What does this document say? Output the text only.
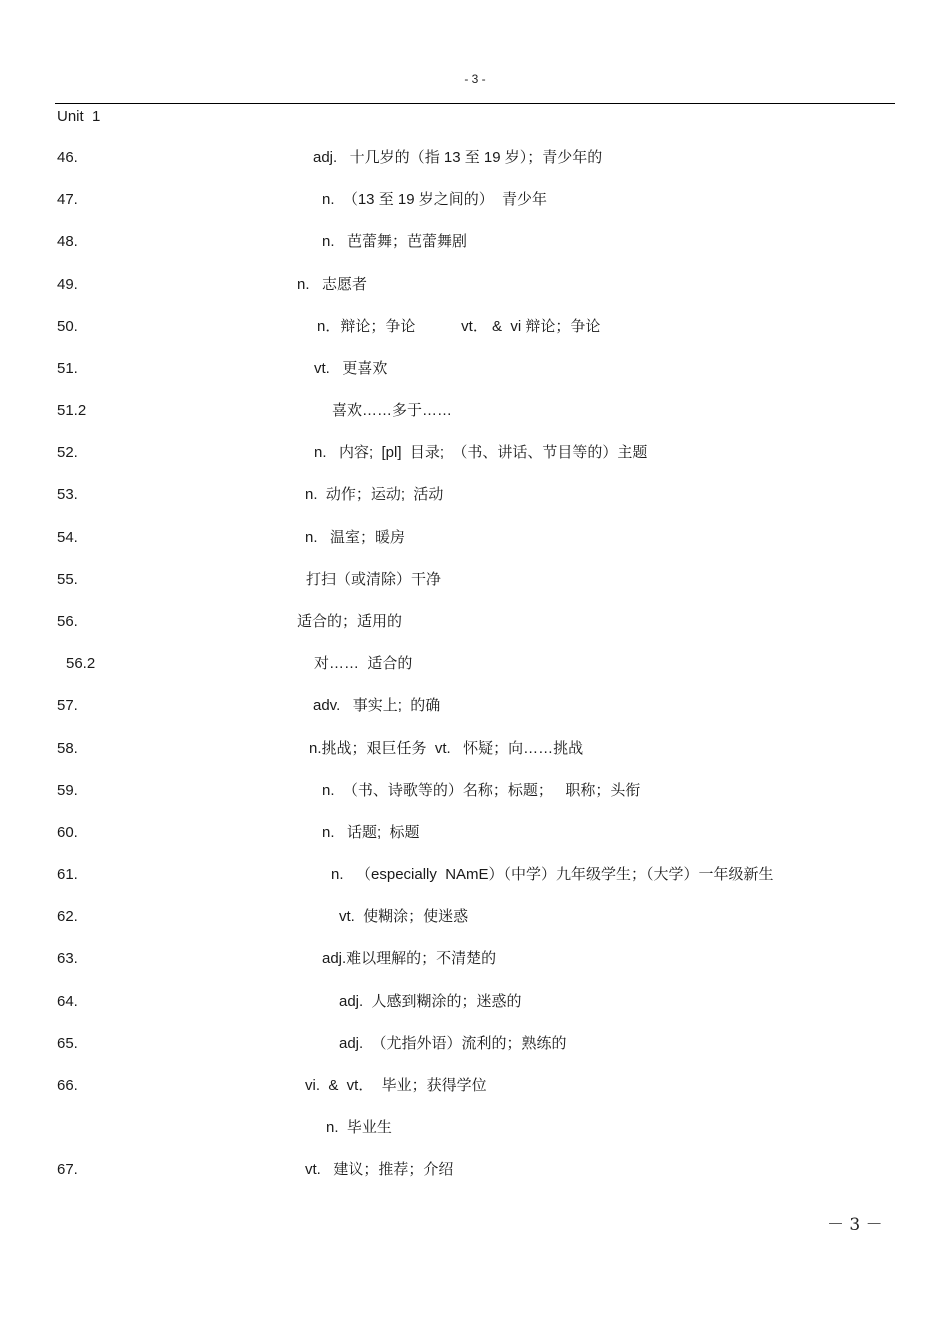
- 3 -
Unit  1
46.	adj.   十几岁的（指 13 至 19 岁）；青少年的
47.	n.  （13 至 19 岁之间的）  青少年
48.	n.   芭蕾舞；芭蕾舞剧
49.	n.   志愿者
50.	n．辩论；争论           vt． &  vi 辩论；争论
51.	vt.   更喜欢
51.2	喜欢……多于……
52.	n.   内容;  [pl]  目录;  （书、讲话、节目等的）主题
53.	n.  动作；运动;  活动
54.	n.   温室；暖房
55.	打扫（或清除）干净
56.	适合的；适用的
56.2	对……  适合的
57.	adv.   事实上;  的确
58.	n.挑战；艰巨任务  vt.   怀疑；向……挑战
59.	n.  （书、诗歌等的）名称；标题；   职称；头衔
60.	n.   话题;  标题
61.	n.   （especially  NAmE）（中学）九年级学生；（大学）一年级新生
62.	vt.  使糊涂；使迷惑
63.	adj.难以理解的；不清楚的
64.	adj.  人感到糊涂的；迷惑的
65.	adj.  （尤指外语）流利的；熟练的
66.	vi.  &  vt．  毕业；获得学位
n.  毕业生
67.	vt.   建议；推荐；介绍
－ 3 －
